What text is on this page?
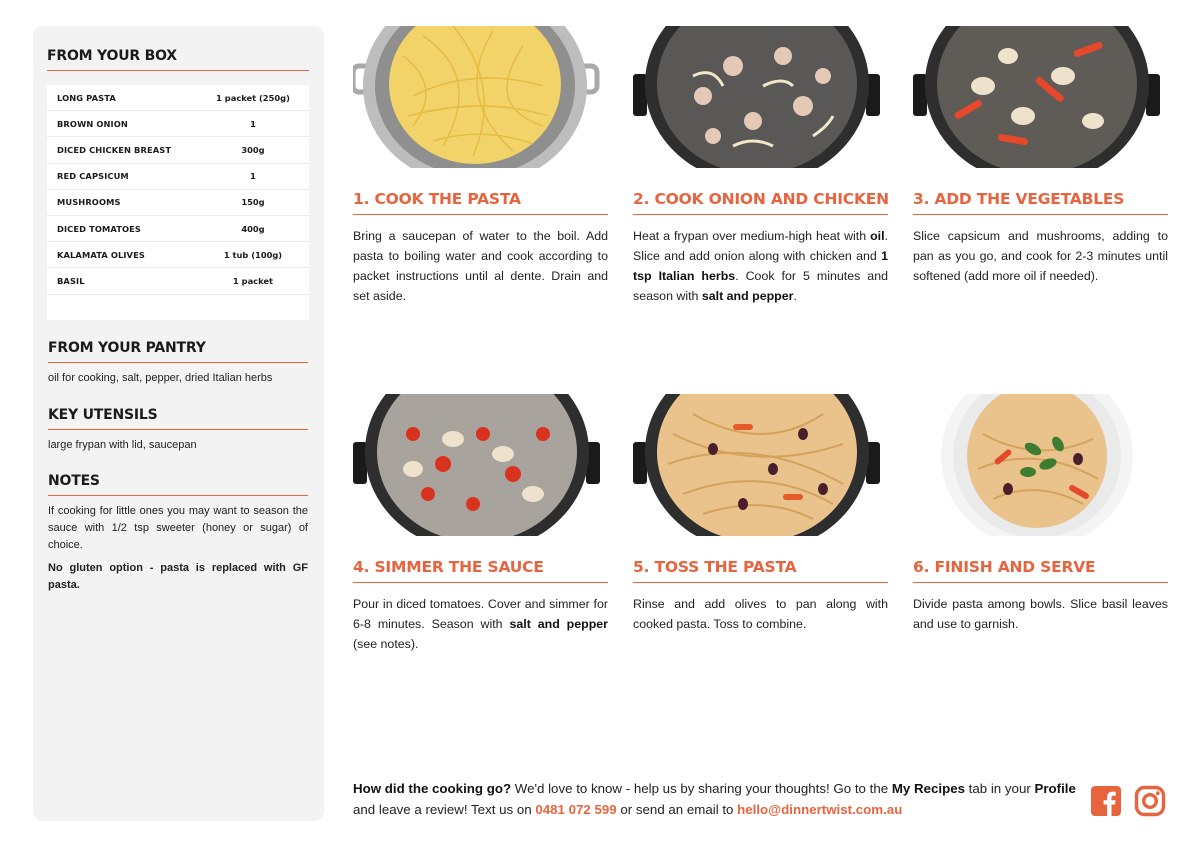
FROM YOUR BOX
LONG PASTA	1 packet (250g)
BROWN ONION	1
DICED CHICKEN BREAST	300g
RED CAPSICUM	1
MUSHROOMS	150g
DICED TOMATOES	400g
KALAMATA OLIVES	1 tub (100g)
BASIL	1 packet
FROM YOUR PANTRY
oil for cooking, salt, pepper, dried Italian herbs
KEY UTENSILS
large frypan with lid, saucepan
NOTES
If cooking for little ones you may want to season the sauce with 1/2 tsp sweeter (honey or sugar) of choice.
No gluten option - pasta is replaced with GF pasta.
1. COOK THE PASTA
Bring a saucepan of water to the boil. Add pasta to boiling water and cook according to packet instructions until al dente. Drain and set aside.
2. COOK ONION AND CHICKEN
Heat a frypan over medium-high heat with oil. Slice and add onion along with chicken and 1 tsp Italian herbs. Cook for 5 minutes and season with salt and pepper.
3. ADD THE VEGETABLES
Slice capsicum and mushrooms, adding to pan as you go, and cook for 2-3 minutes until softened (add more oil if needed).
4. SIMMER THE SAUCE
Pour in diced tomatoes. Cover and simmer for 6-8 minutes. Season with salt and pepper (see notes).
5. TOSS THE PASTA
Rinse and add olives to pan along with cooked pasta. Toss to combine.
6. FINISH AND SERVE
Divide pasta among bowls. Slice basil leaves and use to garnish.
How did the cooking go? We'd love to know - help us by sharing your thoughts! Go to the My Recipes tab in your Profile and leave a review! Text us on 0481 072 599 or send an email to hello@dinnertwist.com.au
